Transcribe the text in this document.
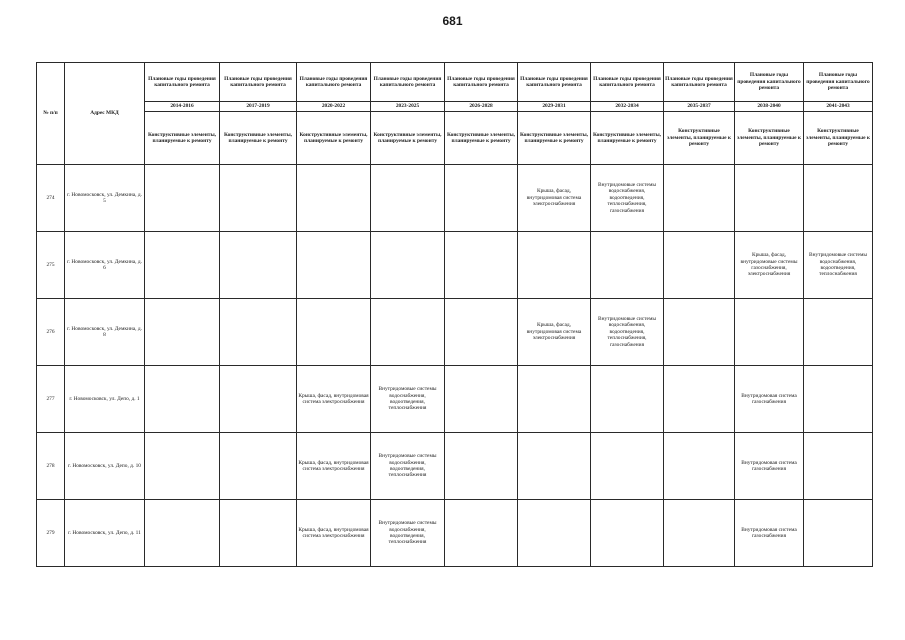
681
№ п/п	Адрес МКД	Плановые годы проведения капитального ремонта	Плановые годы проведения капитального ремонта	Плановые годы проведения капитального ремонта	Плановые годы проведения капитального ремонта	Плановые годы проведения капитального ремонта	Плановые годы проведения капитального ремонта	Плановые годы проведения капитального ремонта	Плановые годы проведения капитального ремонта	Плановые годы проведения капитального ремонта	Плановые годы проведения капитального ремонта
		2014-2016	2017-2019	2020-2022	2023-2025	2026-2028	2029-2031	2032-2034	2035-2037	2038-2040	2041-2043
		Конструктивные элементы, планируемые к ремонту	Конструктивные элементы, планируемые к ремонту	Конструктивные элементы, планируемые к ремонту	Конструктивные элементы, планируемые к ремонту	Конструктивные элементы, планируемые к ремонту	Конструктивные элементы, планируемые к ремонту	Конструктивные элементы, планируемые к ремонту	Конструктивные элементы, планируемые к ремонту	Конструктивные элементы, планируемые к ремонту	Конструктивные элементы, планируемые к ремонту
274	г. Новомосковск, ул. Демкина, д. 5						Крыша, фасад, внутридомовая система электроснабжения	Внутридомовые системы водоснабжения, водоотведения, теплоснабжения, газоснабжения			
275	г. Новомосковск, ул. Демкина, д. 6									Крыша, фасад, внутридомовые системы газоснабжения, электроснабжения	Внутридомовые системы водоснабжения, водоотведения, теплоснабжения
276	г. Новомосковск, ул. Демкина, д. 8						Крыша, фасад, внутридомовая система электроснабжения	Внутридомовые системы водоснабжения, водоотведения, теплоснабжения, газоснабжения			
277	г. Новомосковск, ул. Депо, д. 1			Крыша, фасад, внутридомовая система электроснабжения	Внутридомовые системы водоснабжения, водоотведения, теплоснабжения					Внутридомовая система газоснабжения	
278	г. Новомосковск, ул. Депо, д. 10			Крыша, фасад, внутридомовая система электроснабжения	Внутридомовые системы водоснабжения, водоотведения, теплоснабжения					Внутридомовая система газоснабжения	
279	г. Новомосковск, ул. Депо, д. 11			Крыша, фасад, внутридомовая система электроснабжения	Внутридомовые системы водоснабжения, водоотведения, теплоснабжения					Внутридомовая система газоснабжения	
